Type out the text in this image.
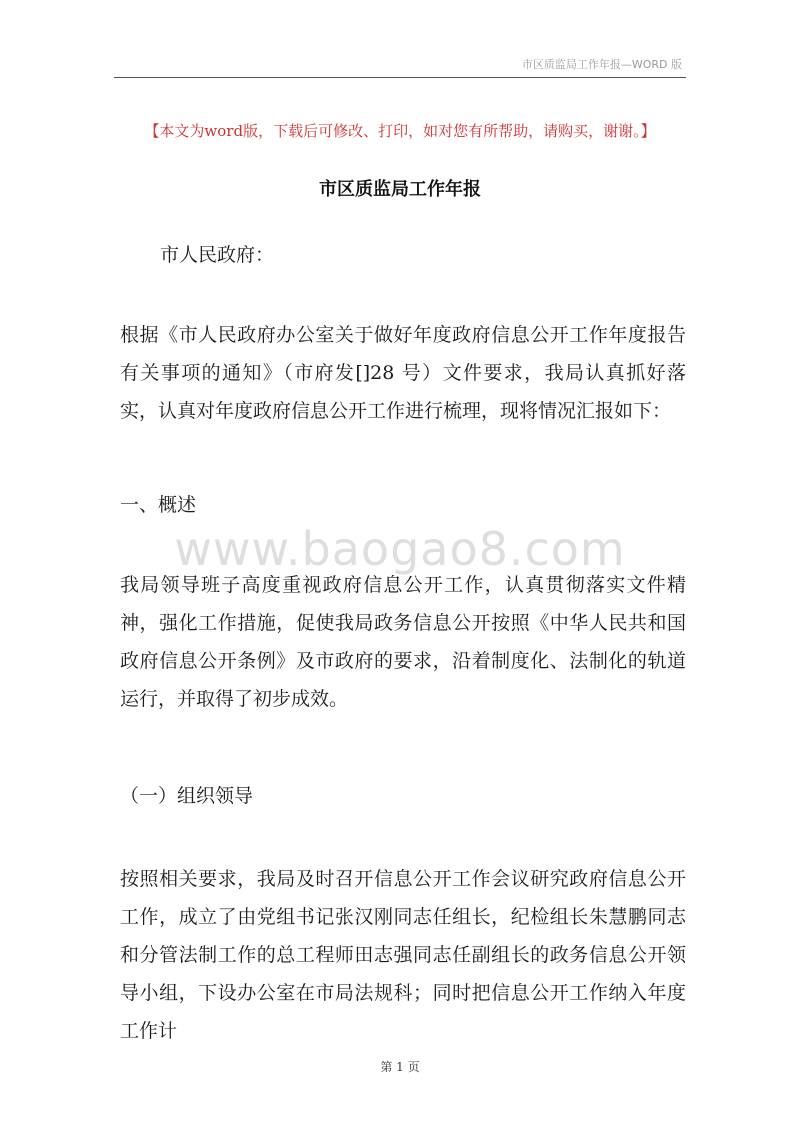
市区质监局工作年报—WORD 版
【本文为word版，下载后可修改、打印，如对您有所帮助，请购买，谢谢。】
市区质监局工作年报
市人民政府：
根据《市人民政府办公室关于做好年度政府信息公开工作年度报告有关事项的通知》（市府发[]28 号）文件要求，我局认真抓好落实，认真对年度政府信息公开工作进行梳理，现将情况汇报如下：
一、概述
www.baogao8.com
我局领导班子高度重视政府信息公开工作，认真贯彻落实文件精神，强化工作措施，促使我局政务信息公开按照《中华人民共和国政府信息公开条例》及市政府的要求，沿着制度化、法制化的轨道运行，并取得了初步成效。
（一）组织领导
按照相关要求，我局及时召开信息公开工作会议研究政府信息公开工作，成立了由党组书记张汉刚同志任组长，纪检组长朱慧鹏同志和分管法制工作的总工程师田志强同志任副组长的政务信息公开领导小组，下设办公室在市局法规科；同时把信息公开工作纳入年度工作计
第 1 页
